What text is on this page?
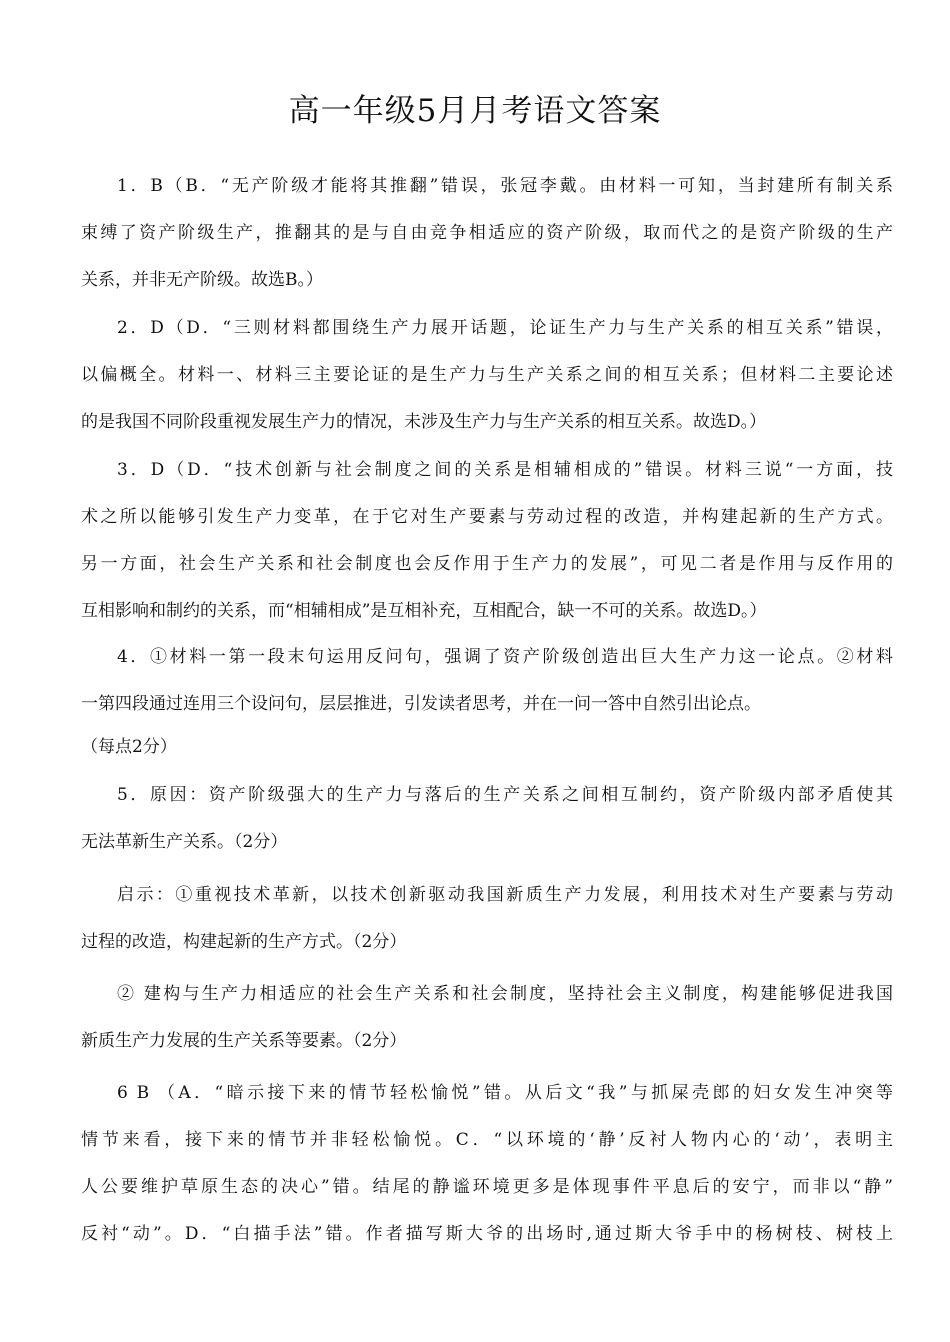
高一年级5月月考语文答案
1．B（B．“无产阶级才能将其推翻”错误，张冠李戴。由材料一可知，当封建所有制关系
束缚了资产阶级生产，推翻其的是与自由竞争相适应的资产阶级，取而代之的是资产阶级的生产
关系，并非无产阶级。故选B。）
2．D（D．“三则材料都围绕生产力展开话题，论证生产力与生产关系的相互关系”错误，
以偏概全。材料一、材料三主要论证的是生产力与生产关系之间的相互关系；但材料二主要论述
的是我国不同阶段重视发展生产力的情况，未涉及生产力与生产关系的相互关系。故选D。）
3．D（D．“技术创新与社会制度之间的关系是相辅相成的”错误。材料三说“一方面，技
术之所以能够引发生产力变革，在于它对生产要素与劳动过程的改造，并构建起新的生产方式。
另一方面，社会生产关系和社会制度也会反作用于生产力的发展”，可见二者是作用与反作用的
互相影响和制约的关系，而“相辅相成”是互相补充，互相配合，缺一不可的关系。故选D。）
4．①材料一第一段末句运用反问句，强调了资产阶级创造出巨大生产力这一论点。②材料
一第四段通过连用三个设问句，层层推进，引发读者思考，并在一问一答中自然引出论点。
（每点2分）
5．原因：资产阶级强大的生产力与落后的生产关系之间相互制约，资产阶级内部矛盾使其
无法革新生产关系。（2分）
启示：①重视技术革新，以技术创新驱动我国新质生产力发展，利用技术对生产要素与劳动
过程的改造，构建起新的生产方式。（2分）
② 建构与生产力相适应的社会生产关系和社会制度，坚持社会主义制度，构建能够促进我国
新质生产力发展的生产关系等要素。（2分）
6 B （A．“暗示接下来的情节轻松愉悦”错。从后文“我”与抓屎壳郎的妇女发生冲突等
情节来看，接下来的情节并非轻松愉悦。C．“以环境的‘静’反衬人物内心的‘动’，表明主
人公要维护草原生态的决心”错。结尾的静谧环境更多是体现事件平息后的安宁，而非以“静”
反衬“动”。D．“白描手法”错。作者描写斯大爷的出场时,通过斯大爷手中的杨树枝、树枝上
